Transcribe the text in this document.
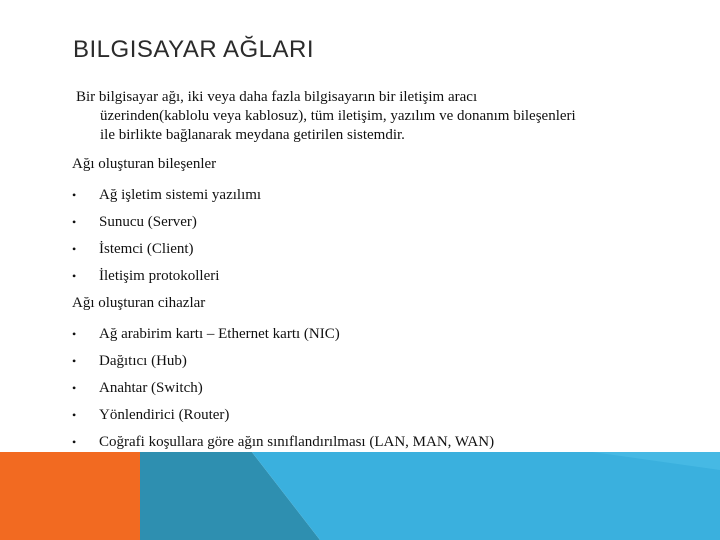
BILGISAYAR AĞLARI

Bir bilgisayar ağı, iki veya daha fazla bilgisayarın bir iletişim aracı
üzerinden(kablolu veya kablosuz), tüm iletişim, yazılım ve donanım bileşenleri
ile birlikte bağlanarak meydana getirilen sistemdir.

Ağı oluşturan bileşenler

•	Ağ işletim sistemi yazılımı
•	Sunucu (Server)
•	İstemci (Client)
•	İletişim protokolleri

Ağı oluşturan cihazlar

•	Ağ arabirim kartı – Ethernet kartı (NIC)
•	Dağıtıcı (Hub)
•	Anahtar (Switch)
•	Yönlendirici (Router)
•	Coğrafi koşullara göre ağın sınıflandırılması (LAN, MAN, WAN)
